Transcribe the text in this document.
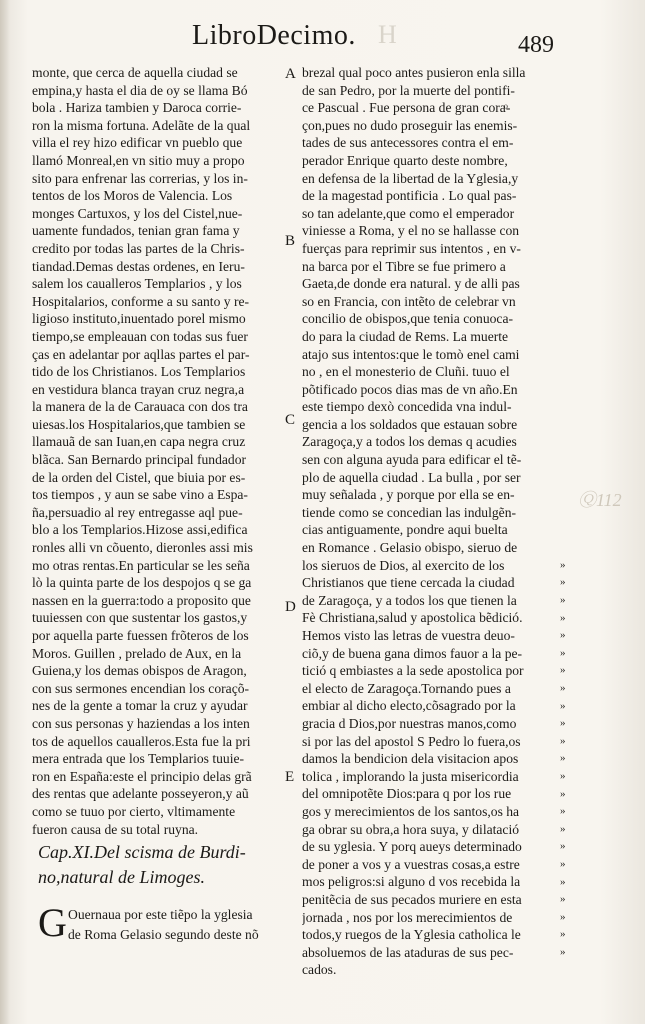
LibroDecimo. H	489
monte, que cerca de aquella ciudad se
empina,y hasta el dia de oy se llama Bó
bola . Hariza tambien y Daroca corrie-
ron la misma fortuna. Adelãte de la qual
villa el rey hizo edificar vn pueblo que
llamó Monreal,en vn sitio muy a propo
sito para enfrenar las correrias, y los in-
tentos de los Moros de Valencia. Los
monges Cartuxos, y los del Cistel,nue-
uamente fundados, tenian gran fama y
credito por todas las partes de la Chris-
tiandad.Demas destas ordenes, en Ieru-
salem los caualleros Templarios , y los
Hospitalarios, conforme a su santo y re-
ligioso instituto,inuentado porel mismo
tiempo,se empleauan con todas sus fuer
ças en adelantar por aqllas partes el par-
tido de los Christianos. Los Templarios
en vestidura blanca trayan cruz negra,a
la manera de la de Carauaca con dos tra
uiesas.los Hospitalarios,que tambien se
llamauã de san Iuan,en capa negra cruz
blãca. San Bernardo principal fundador
de la orden del Cistel, que biuia por es-
tos tiempos , y aun se sabe vino a Espa-
ña,persuadio al rey entregasse aql pue-
blo a los Templarios.Hizose assi,edifica
ronles alli vn cõuento, dieronles assi mis
mo otras rentas.En particular se les seña
lò la quinta parte de los despojos q se ga
nassen en la guerra:todo a proposito que
tuuiessen con que sustentar los gastos,y
por aquella parte fuessen frõteros de los
Moros. Guillen , prelado de Aux, en la
Guiena,y los demas obispos de Aragon,
con sus sermones encendian los coraçõ-
nes de la gente a tomar la cruz y ayudar
con sus personas y haziendas a los inten
tos de aquellos caualleros.Esta fue la pri
mera entrada que los Templarios tuuie-
ron en España:este el principio delas grã
des rentas que adelante posseyeron,y aũ
como se tuuo por cierto, vltimamente
fueron causa de su total ruyna.
brezal qual poco antes pusieron enla silla
de san Pedro, por la muerte del pontifi-
ce Pascual . Fue persona de gran coraͦ-
çon,pues no dudo proseguir las enemis-
tades de sus antecessores contra el em-
perador Enrique quarto deste nombre,
en defensa de la libertad de la Yglesia,y
de la magestad pontificia . Lo qual pas-
so tan adelante,que como el emperador
viniesse a Roma, y el no se hallasse con
fuerças para reprimir sus intentos , en v-
na barca por el Tibre se fue primero a
Gaeta,de donde era natural. y de alli pas
so en Francia, con intẽto de celebrar vn
concilio de obispos,que tenia conuoca-
do para la ciudad de Rems. La muerte
atajo sus intentos:que le tomò enel cami
no , en el monesterio de Cluñi. tuuo el
põtificado pocos dias mas de vn año.En
este tiempo dexò concedida vna indul-
gencia a los soldados que estauan sobre
Zaragoça,y a todos los demas q acudies
sen con alguna ayuda para edificar el tẽ-
plo de aquella ciudad . La bulla , por ser
muy señalada , y porque por ella se en-
tiende como se concedian las indulgẽn-
cias antiguamente, pondre aqui buelta
en Romance . Gelasio obispo, sieruo de
los sieruos de Dios, al exercito de los
Christianos que tiene cercada la ciudad
de Zaragoça, y a todos los que tienen la
Fè Christiana,salud y apostolica bẽdició.
Hemos visto las letras de vuestra deuo-
ciõ,y de buena gana dimos fauor a la pe-
tició q embiastes a la sede apostolica por
el electo de Zaragoça.Tornando pues a
embiar al dicho electo,cõsagrado por la
gracia d Dios,por nuestras manos,como
si por las del apostol S Pedro lo fuera,os
damos la bendicion dela visitacion apos
tolica , implorando la justa misericordia
del omnipotẽte Dios:para q por los rue
gos y merecimientos de los santos,os ha
ga obrar su obra,a hora suya, y dilatació
de su yglesia. Y porq aueys determinado
de poner a vos y a vuestras cosas,a estre
mos peligros:si alguno d vos recebida la
penitẽcia de sus pecados muriere en esta
jornada , nos por los merecimientos de
todos,y ruegos de la Yglesia catholica le
absoluemos de las ataduras de sus pec-
cados.
A
B
C
D
E
»
»
»
»
»
»
»
»
»
»
»
»
»
»
»
»
»
»
»
»
»
»
»
Ⓠ112
Cap.XI.Del scisma de Burdi-
no,natural de Limoges.
G Ouernaua por este tiẽpo la yglesia
de Roma Gelasio segundo deste nõ
